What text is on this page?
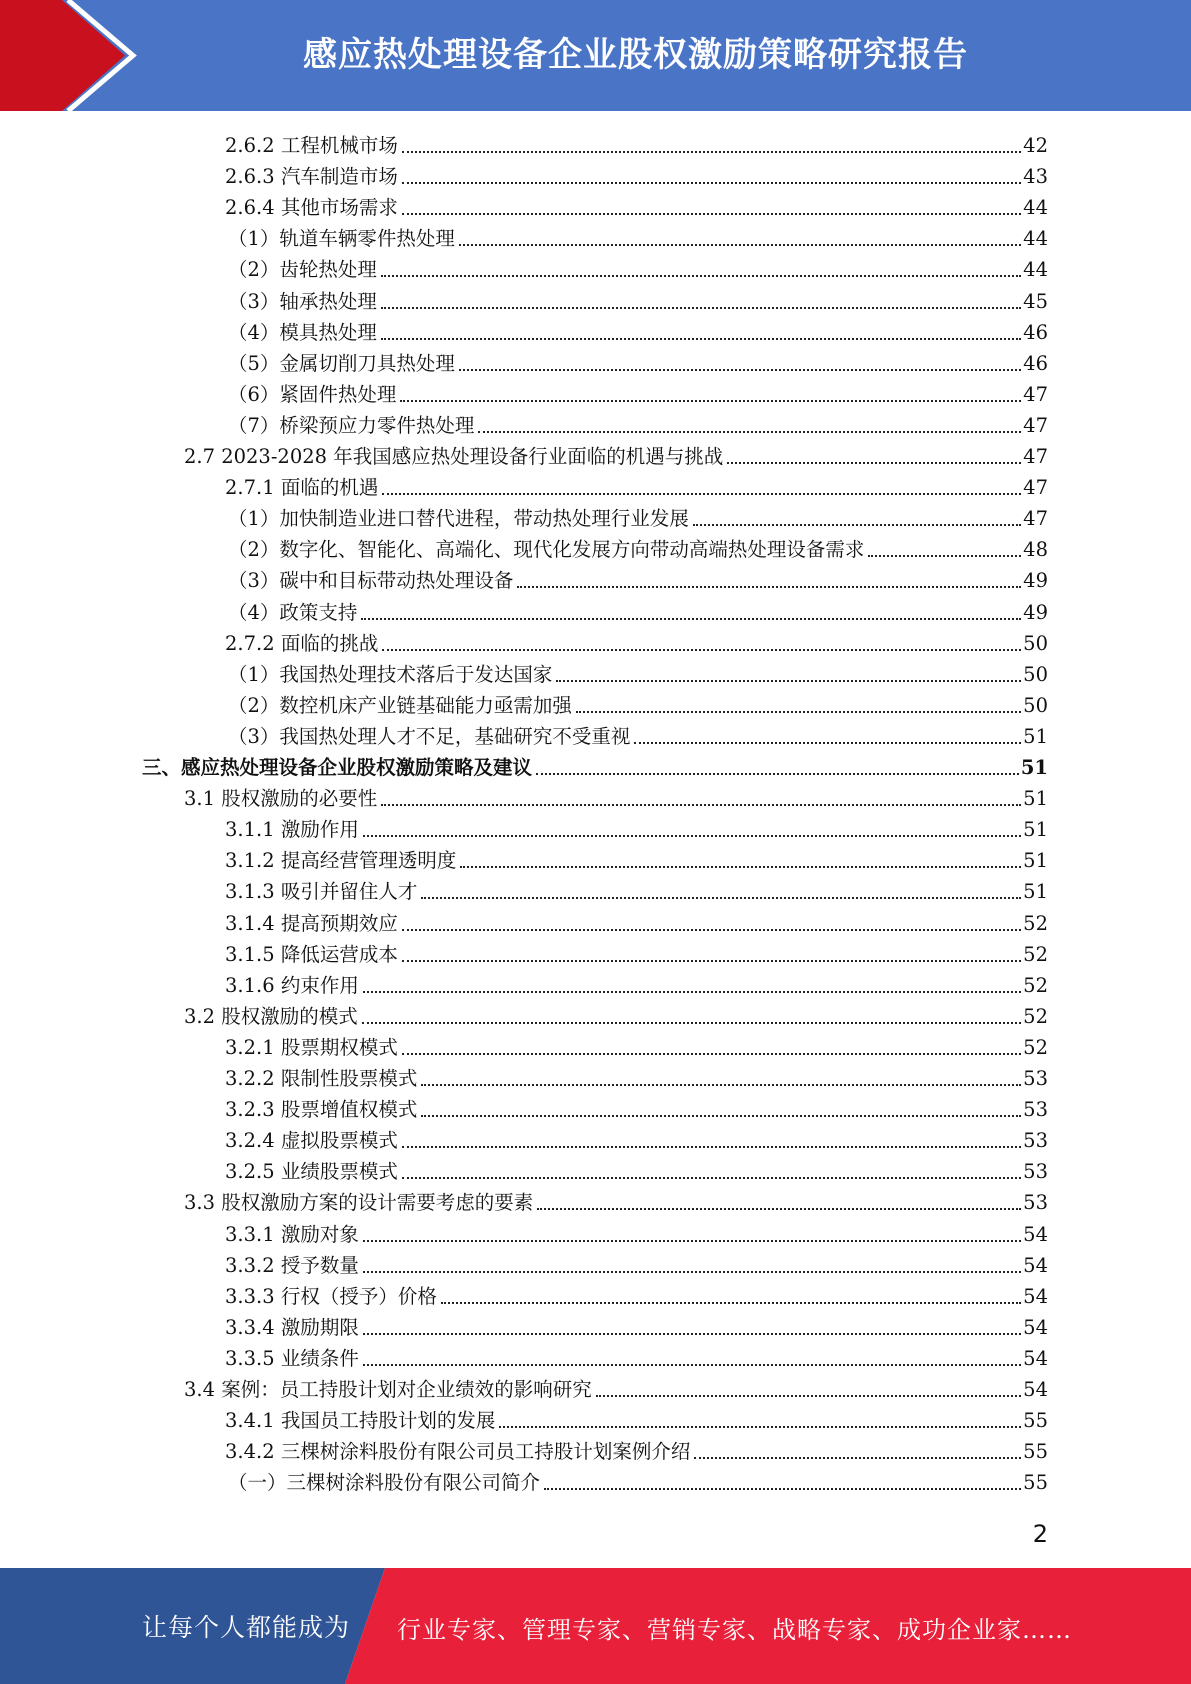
感应热处理设备企业股权激励策略研究报告
2.6.2 工程机械市场	42
2.6.3 汽车制造市场	43
2.6.4 其他市场需求	44
（1）轨道车辆零件热处理	44
（2）齿轮热处理	44
（3）轴承热处理	45
（4）模具热处理	46
（5）金属切削刀具热处理	46
（6）紧固件热处理	47
（7）桥梁预应力零件热处理	47
2.7 2023-2028 年我国感应热处理设备行业面临的机遇与挑战	47
2.7.1 面临的机遇	47
（1）加快制造业进口替代进程，带动热处理行业发展	47
（2）数字化、智能化、高端化、现代化发展方向带动高端热处理设备需求	48
（3）碳中和目标带动热处理设备	49
（4）政策支持	49
2.7.2 面临的挑战	50
（1）我国热处理技术落后于发达国家	50
（2）数控机床产业链基础能力亟需加强	50
（3）我国热处理人才不足，基础研究不受重视	51
三、感应热处理设备企业股权激励策略及建议	51
3.1 股权激励的必要性	51
3.1.1 激励作用	51
3.1.2 提高经营管理透明度	51
3.1.3 吸引并留住人才	51
3.1.4 提高预期效应	52
3.1.5 降低运营成本	52
3.1.6 约束作用	52
3.2 股权激励的模式	52
3.2.1 股票期权模式	52
3.2.2 限制性股票模式	53
3.2.3 股票增值权模式	53
3.2.4 虚拟股票模式	53
3.2.5 业绩股票模式	53
3.3 股权激励方案的设计需要考虑的要素	53
3.3.1 激励对象	54
3.3.2 授予数量	54
3.3.3 行权（授予）价格	54
3.3.4 激励期限	54
3.3.5 业绩条件	54
3.4 案例：员工持股计划对企业绩效的影响研究	54
3.4.1 我国员工持股计划的发展	55
3.4.2 三棵树涂料股份有限公司员工持股计划案例介绍	55
（一）三棵树涂料股份有限公司简介	55
2
让每个人都能成为 行业专家、管理专家、营销专家、战略专家、成功企业家……
